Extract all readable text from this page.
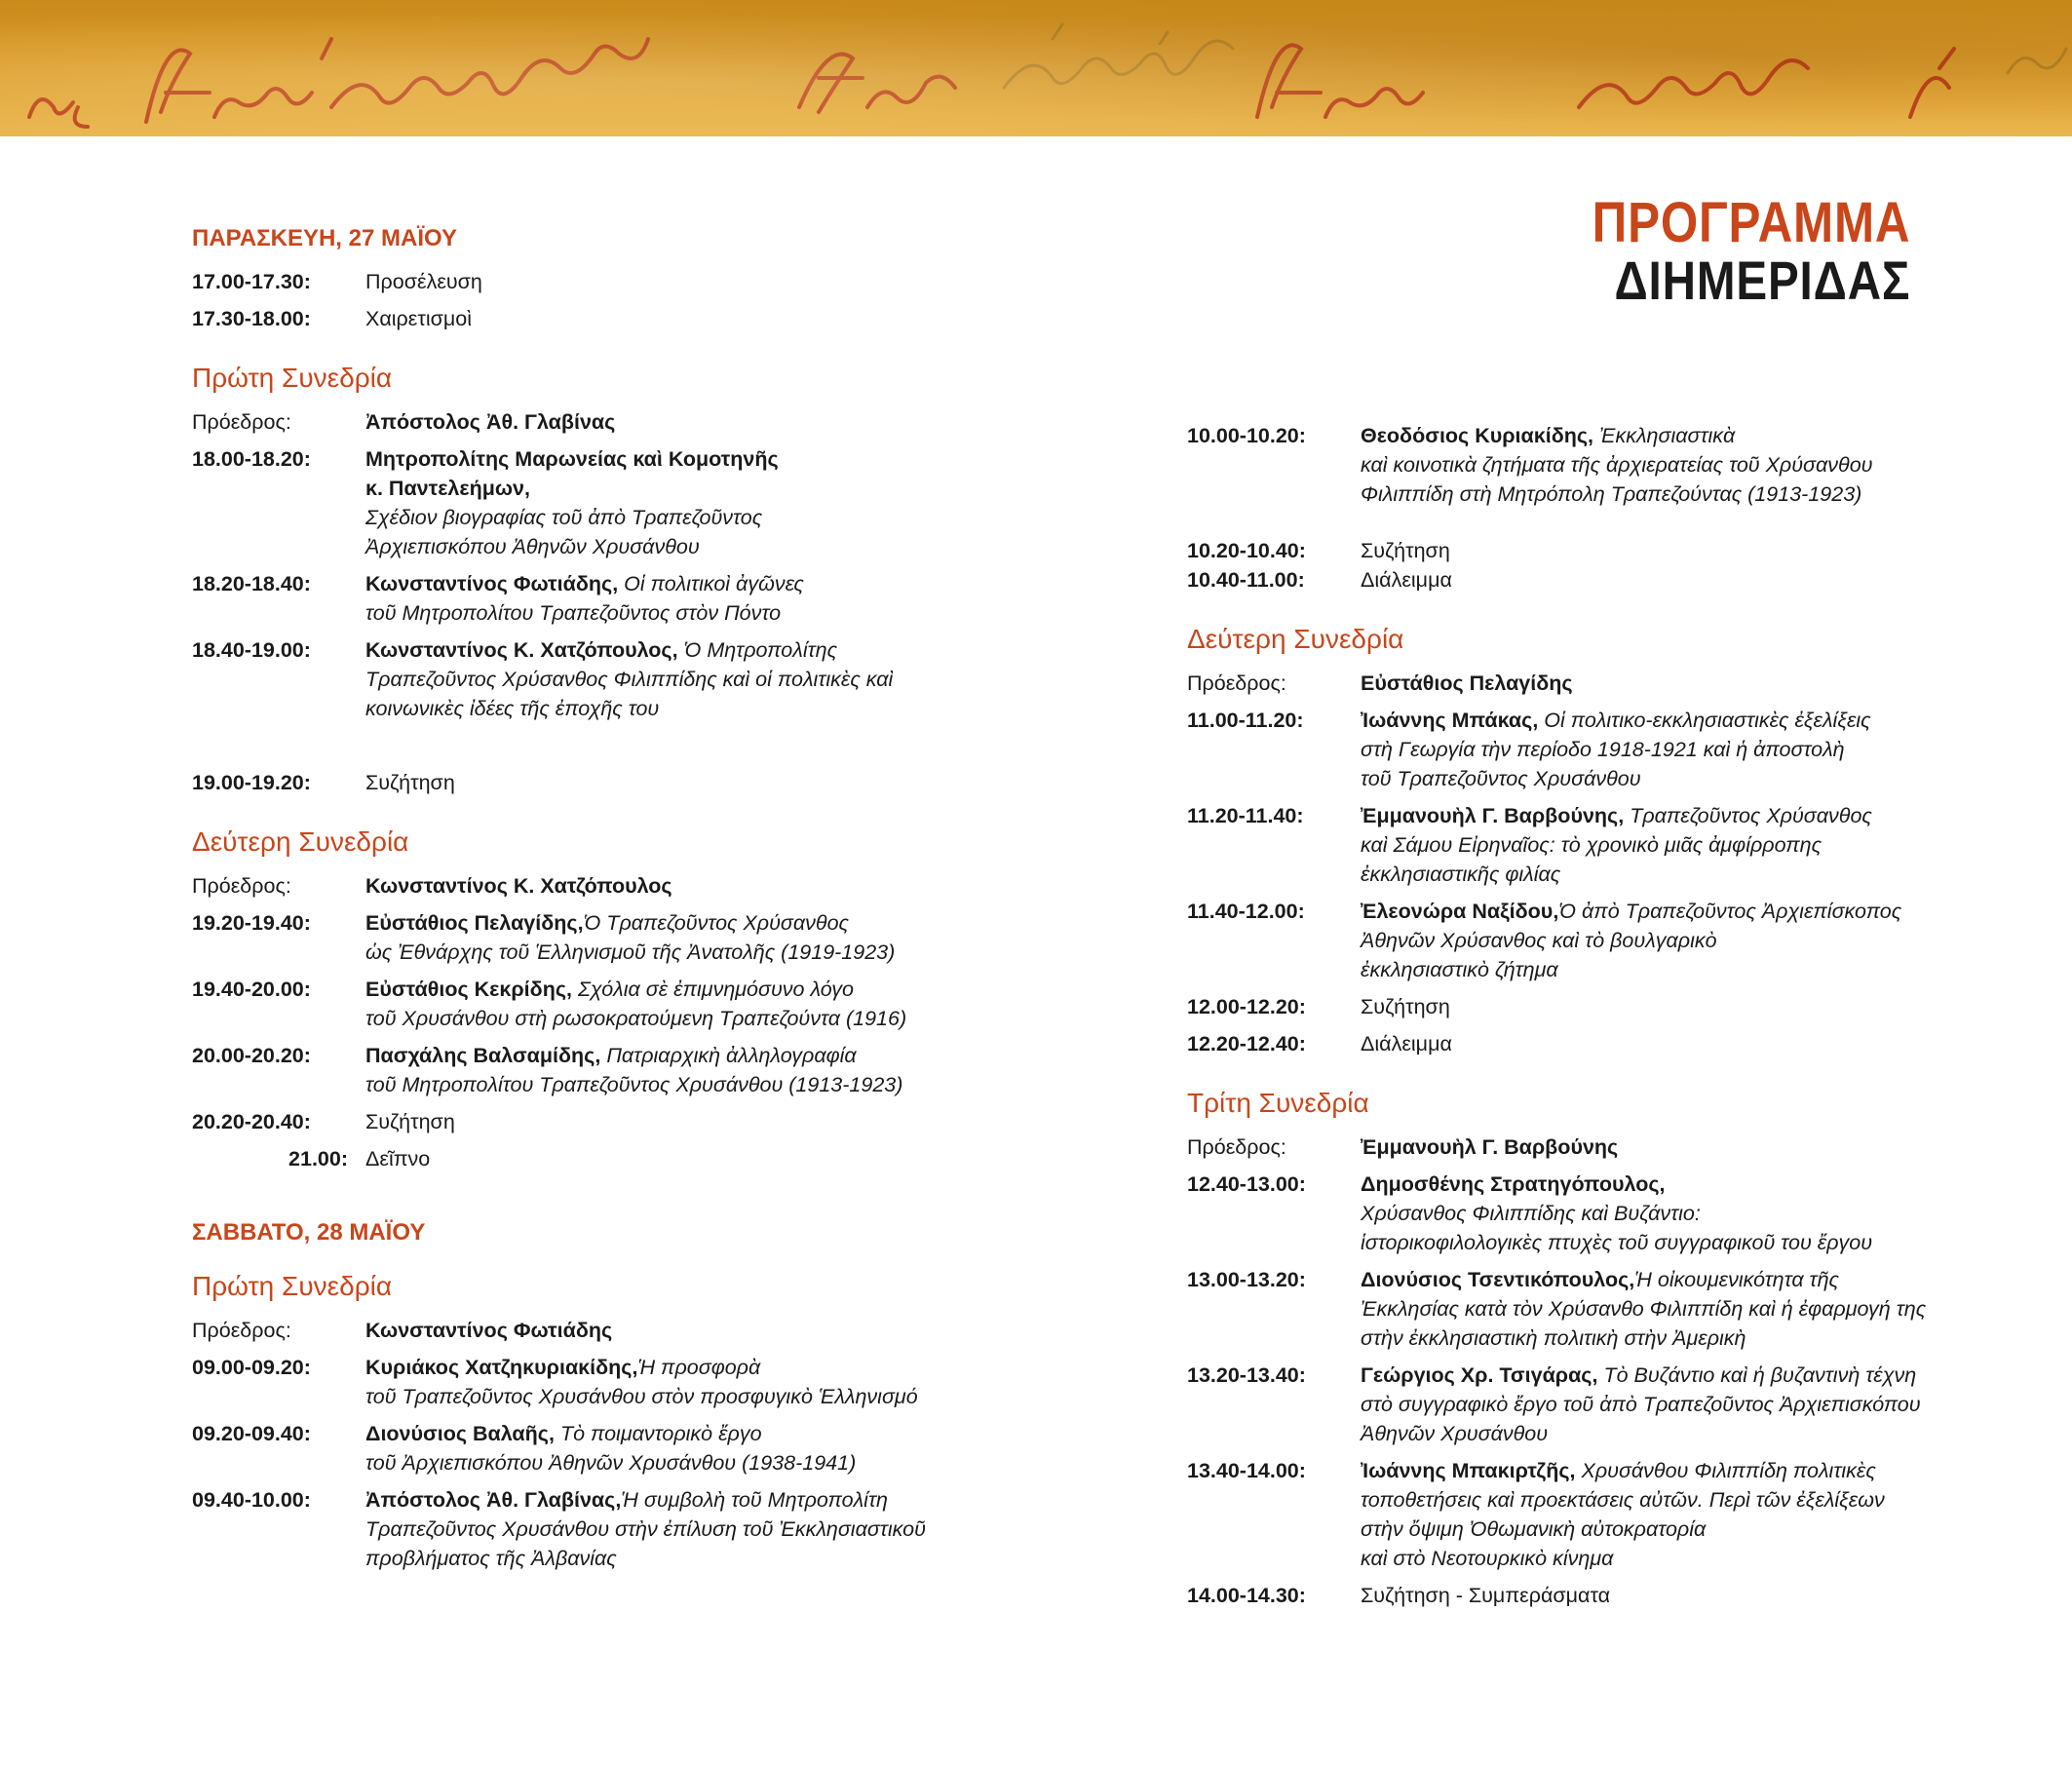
ΠΡΟΓΡΑΜΜΑ
ΔΙΗΜΕΡΙΔΑΣ
ΠΑΡΑΣΚΕΥΗ, 27 ΜΑΪΟΥ
17.00-17.30:	Προσέλευση
17.30-18.00:	Χαιρετισμοὶ
Πρώτη Συνεδρία
Πρόεδρος:	Ἀπόστολος Ἀθ. Γλαβίνας
18.00-18.20:	Μητροπολίτης Μαρωνείας καὶ Κομοτηνῆς
κ. Παντελεήμων,
Σχέδιον βιογραφίας τοῦ ἀπὸ Τραπεζοῦντος
Ἀρχιεπισκόπου Ἀθηνῶν Χρυσάνθου
18.20-18.40:	Κωνσταντίνος Φωτιάδης, Οἱ πολιτικοὶ ἀγῶνες
τοῦ Μητροπολίτου Τραπεζοῦντος στὸν Πόντο
18.40-19.00:	Κωνσταντίνος Κ. Χατζόπουλος, Ὁ Μητροπολίτης
Τραπεζοῦντος Χρύσανθος Φιλιππίδης καὶ οἱ πολιτικὲς καὶ
κοινωνικὲς ἰδέες τῆς ἐποχῆς του
19.00-19.20:	Συζήτηση
Δεύτερη Συνεδρία
Πρόεδρος:	Κωνσταντίνος Κ. Χατζόπουλος
19.20-19.40:	Εὐστάθιος Πελαγίδης,Ὁ Τραπεζοῦντος Χρύσανθος
ὡς Ἐθνάρχης τοῦ Ἑλληνισμοῦ τῆς Ἀνατολῆς (1919-1923)
19.40-20.00:	Εὐστάθιος Κεκρίδης, Σχόλια σὲ ἐπιμνημόσυνο λόγο
τοῦ Χρυσάνθου στὴ ρωσοκρατούμενη Τραπεζούντα (1916)
20.00-20.20:	Πασχάλης Βαλσαμίδης, Πατριαρχικὴ ἀλληλογραφία
τοῦ Μητροπολίτου Τραπεζοῦντος Χρυσάνθου (1913-1923)
20.20-20.40:	Συζήτηση
21.00: Δεῖπνο
ΣΑΒΒΑΤΟ, 28 ΜΑΪΟΥ
Πρώτη Συνεδρία
Πρόεδρος:	Κωνσταντίνος Φωτιάδης
09.00-09.20:	Κυριάκος Χατζηκυριακίδης,Ἡ προσφορὰ
τοῦ Τραπεζοῦντος Χρυσάνθου στὸν προσφυγικὸ Ἑλληνισμό
09.20-09.40:	Διονύσιος Βαλαῆς, Τὸ ποιμαντορικὸ ἔργο
τοῦ Ἀρχιεπισκόπου Ἀθηνῶν Χρυσάνθου (1938-1941)
09.40-10.00:	Ἀπόστολος Ἀθ. Γλαβίνας,Ἡ συμβολὴ τοῦ Μητροπολίτη
Τραπεζοῦντος Χρυσάνθου στὴν ἐπίλυση τοῦ Ἐκκλησιαστικοῦ
προβλήματος τῆς Ἀλβανίας
10.00-10.20:	Θεοδόσιος Κυριακίδης, Ἐκκλησιαστικὰ
καὶ κοινοτικὰ ζητήματα τῆς ἀρχιερατείας τοῦ Χρύσανθου
Φιλιππίδη στὴ Μητρόπολη Τραπεζούντας (1913-1923)
10.20-10.40:	Συζήτηση
10.40-11.00:	Διάλειμμα
Δεύτερη Συνεδρία
Πρόεδρος:	Εὐστάθιος Πελαγίδης
11.00-11.20:	Ἰωάννης Μπάκας, Οἱ πολιτικο-εκκλησιαστικὲς ἐξελίξεις
στὴ Γεωργία τὴν περίοδο 1918-1921 καὶ ἡ ἀποστολὴ
τοῦ Τραπεζοῦντος Χρυσάνθου
11.20-11.40:	Ἐμμανουὴλ Γ. Βαρβούνης, Τραπεζοῦντος Χρύσανθος
καὶ Σάμου Εἰρηναῖος: τὸ χρονικὸ μιᾶς ἀμφίρροπης
ἐκκλησιαστικῆς φιλίας
11.40-12.00:	Ἐλεονώρα Ναξίδου,Ὁ ἀπὸ Τραπεζοῦντος Ἀρχιεπίσκοπος
Ἀθηνῶν Χρύσανθος καὶ τὸ βουλγαρικὸ
ἐκκλησιαστικὸ ζήτημα
12.00-12.20:	Συζήτηση
12.20-12.40:	Διάλειμμα
Τρίτη Συνεδρία
Πρόεδρος:	Ἐμμανουὴλ Γ. Βαρβούνης
12.40-13.00:	Δημοσθένης Στρατηγόπουλος,
Χρύσανθος Φιλιππίδης καὶ Βυζάντιο:
ἱστορικοφιλολογικὲς πτυχὲς τοῦ συγγραφικοῦ του ἔργου
13.00-13.20:	Διονύσιος Τσεντικόπουλος,Ἡ οἰκουμενικότητα τῆς
Ἐκκλησίας κατὰ τὸν Χρύσανθο Φιλιππίδη καὶ ἡ ἐφαρμογή της
στὴν ἐκκλησιαστικὴ πολιτικὴ στὴν Ἀμερικὴ
13.20-13.40:	Γεώργιος Χρ. Τσιγάρας, Τὸ Βυζάντιο καὶ ἡ βυζαντινὴ τέχνη
στὸ συγγραφικὸ ἔργο τοῦ ἀπὸ Τραπεζοῦντος Ἀρχιεπισκόπου
Ἀθηνῶν Χρυσάνθου
13.40-14.00:	Ἰωάννης Μπακιρτζῆς, Χρυσάνθου Φιλιππίδη πολιτικὲς
τοποθετήσεις καὶ προεκτάσεις αὐτῶν. Περὶ τῶν ἐξελίξεων
στὴν ὄψιμη Ὀθωμανικὴ αὐτοκρατορία
καὶ στὸ Νεοτουρκικὸ κίνημα
14.00-14.30:	Συζήτηση - Συμπεράσματα
